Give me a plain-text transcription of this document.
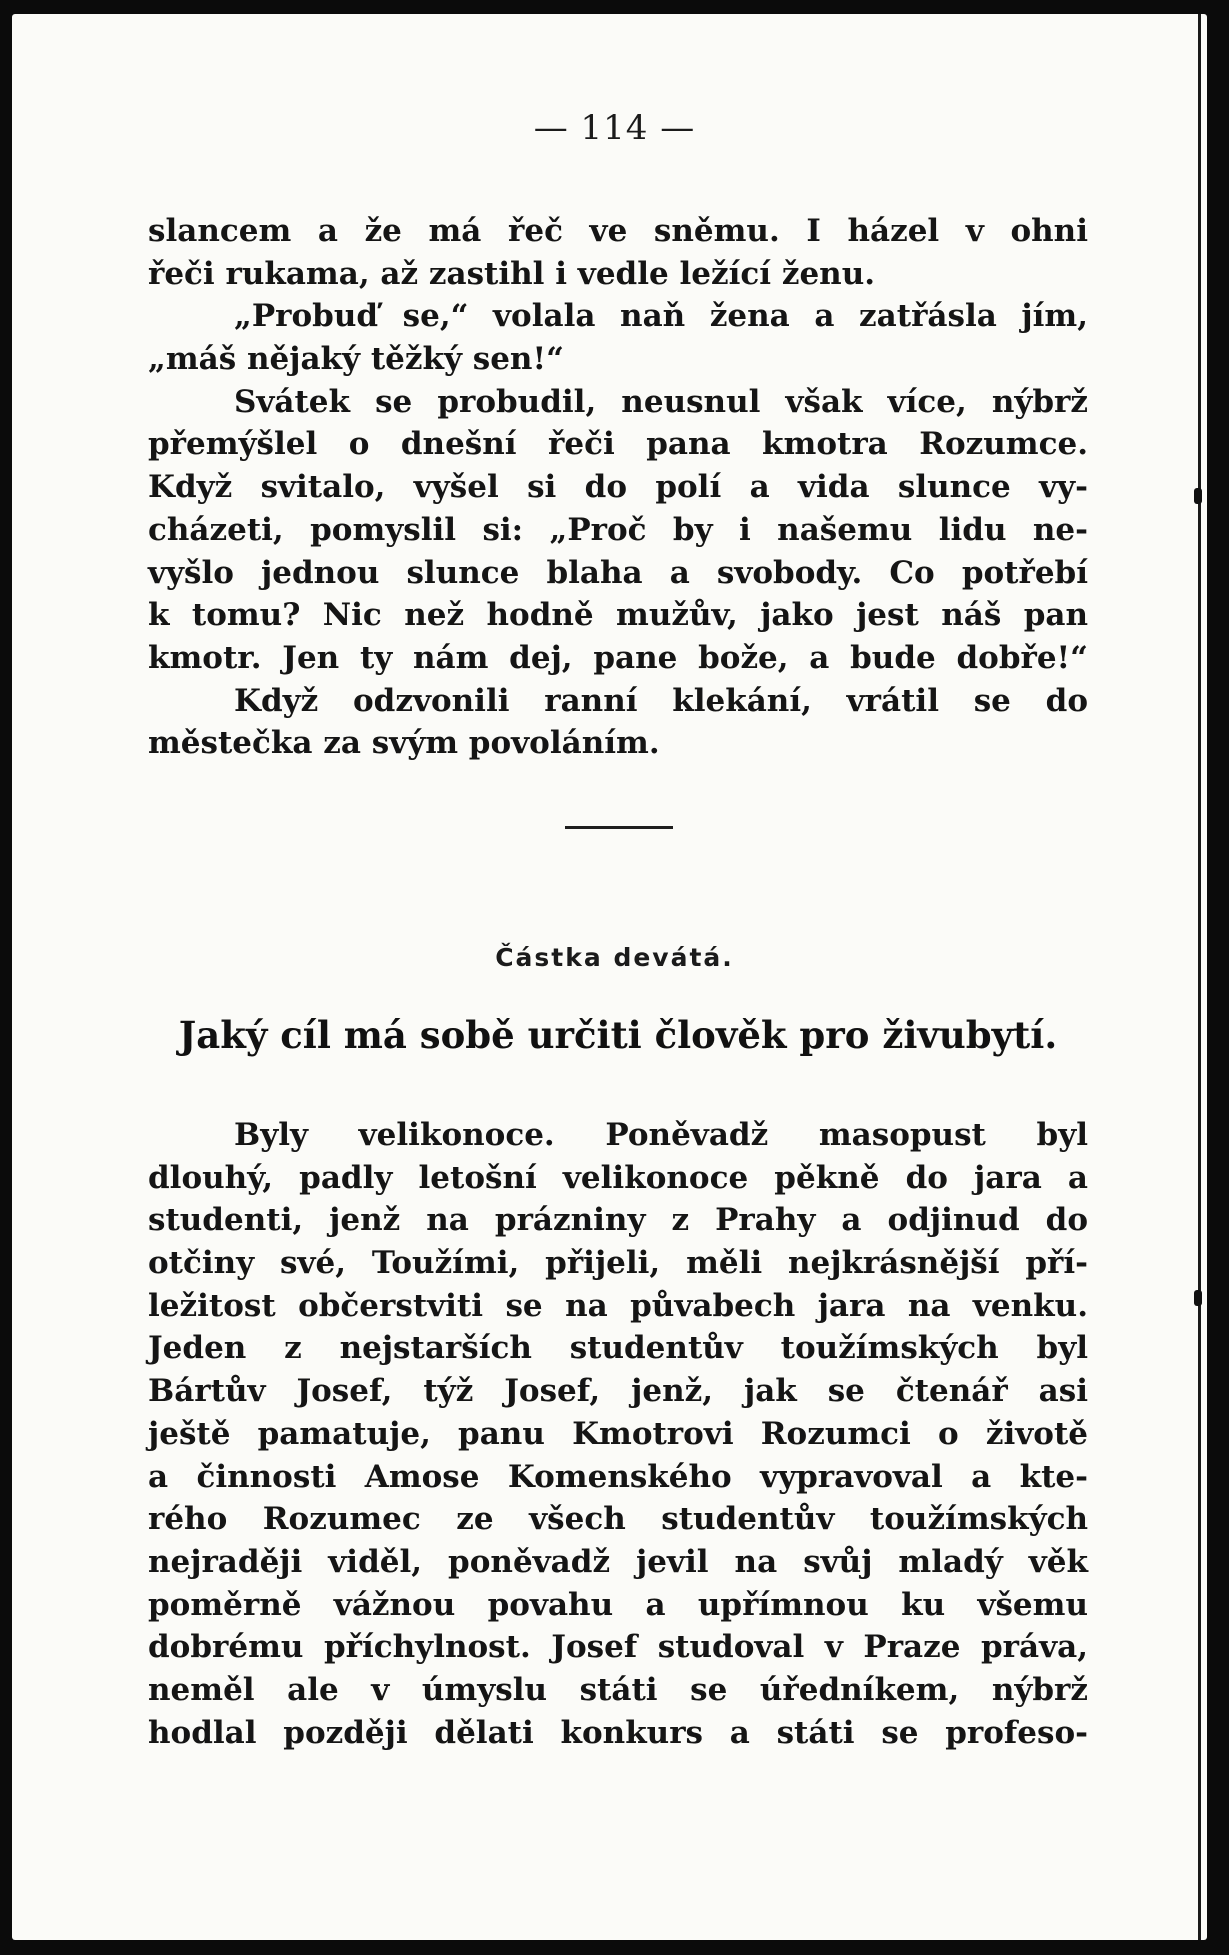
— 114 —
slancem a že má řeč ve sněmu. I házel v ohni
řeči rukama, až zastihl i vedle ležící ženu.
„Probuď se,“ volala naň žena a zatřásla jím,
„máš nějaký těžký sen!“
Svátek se probudil, neusnul však více, nýbrž
přemýšlel o dnešní řeči pana kmotra Rozumce.
Když svitalo, vyšel si do polí a vida slunce vy-
cházeti, pomyslil si: „Proč by i našemu lidu ne-
vyšlo jednou slunce blaha a svobody. Co potřebí
k tomu? Nic než hodně mužův, jako jest náš pan
kmotr. Jen ty nám dej, pane bože, a bude dobře!“
Když odzvonili ranní klekání, vrátil se do
městečka za svým povoláním.
Částka devátá.
Jaký cíl má sobě určiti člověk pro živubytí.
Byly velikonoce. Poněvadž masopust byl
dlouhý, padly letošní velikonoce pěkně do jara a
studenti, jenž na prázniny z Prahy a odjinud do
otčiny své, Toužími, přijeli, měli nejkrásnější pří-
ležitost občerstviti se na půvabech jara na venku.
Jeden z nejstarších studentův toužímských byl
Bártův Josef, týž Josef, jenž, jak se čtenář asi
ještě pamatuje, panu Kmotrovi Rozumci o životě
a činnosti Amose Komenského vypravoval a kte-
rého Rozumec ze všech studentův toužímských
nejraději viděl, poněvadž jevil na svůj mladý věk
poměrně vážnou povahu a upřímnou ku všemu
dobrému příchylnost. Josef studoval v Praze práva,
neměl ale v úmyslu státi se úředníkem, nýbrž
hodlal později dělati konkurs a státi se profeso-
